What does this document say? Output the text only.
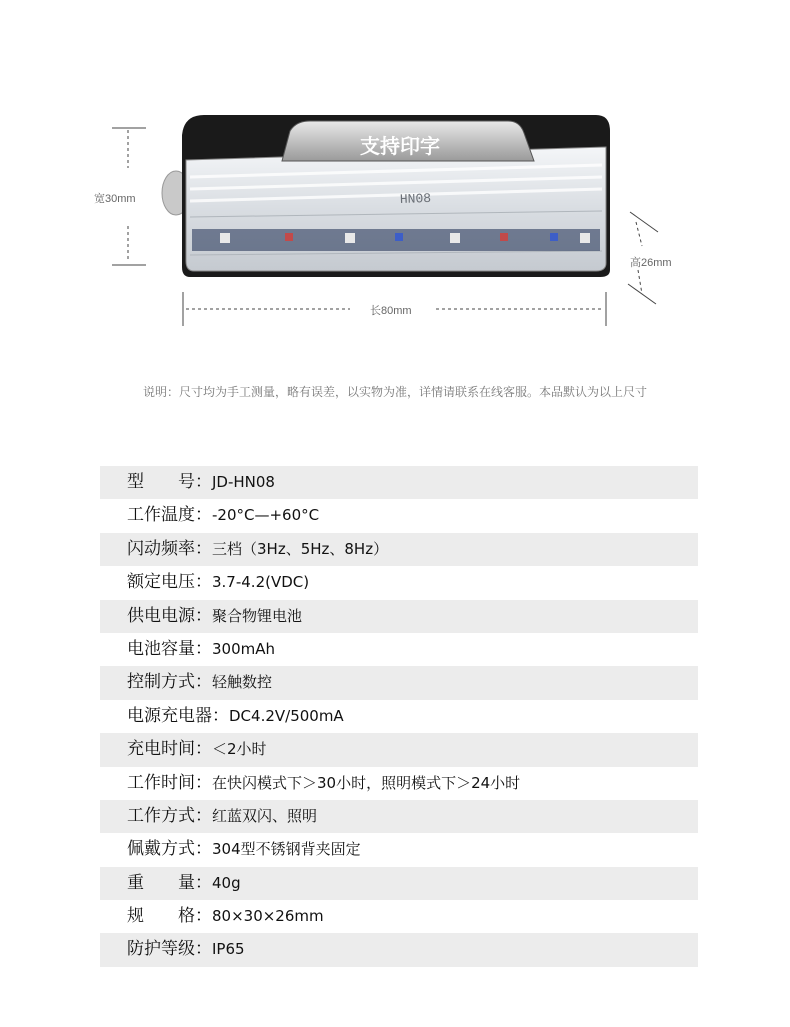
HN08
支持印字
宽30mm
高26mm
长80mm
说明：尺寸均为手工测量，略有误差，以实物为准，详情请联系在线客服。本品默认为以上尺寸
型　　号：JD-HN08
工作温度：-20°C—+60°C
闪动频率：三档（3Hz、5Hz、8Hz）
额定电压：3.7-4.2(VDC)
供电电源：聚合物锂电池
电池容量：300mAh
控制方式：轻触数控
电源充电器：DC4.2V/500mA
充电时间：＜2小时
工作时间：在快闪模式下＞30小时，照明模式下＞24小时
工作方式：红蓝双闪、照明
佩戴方式：304型不锈钢背夹固定
重　　量：40g
规　　格：80×30×26mm
防护等级：IP65
